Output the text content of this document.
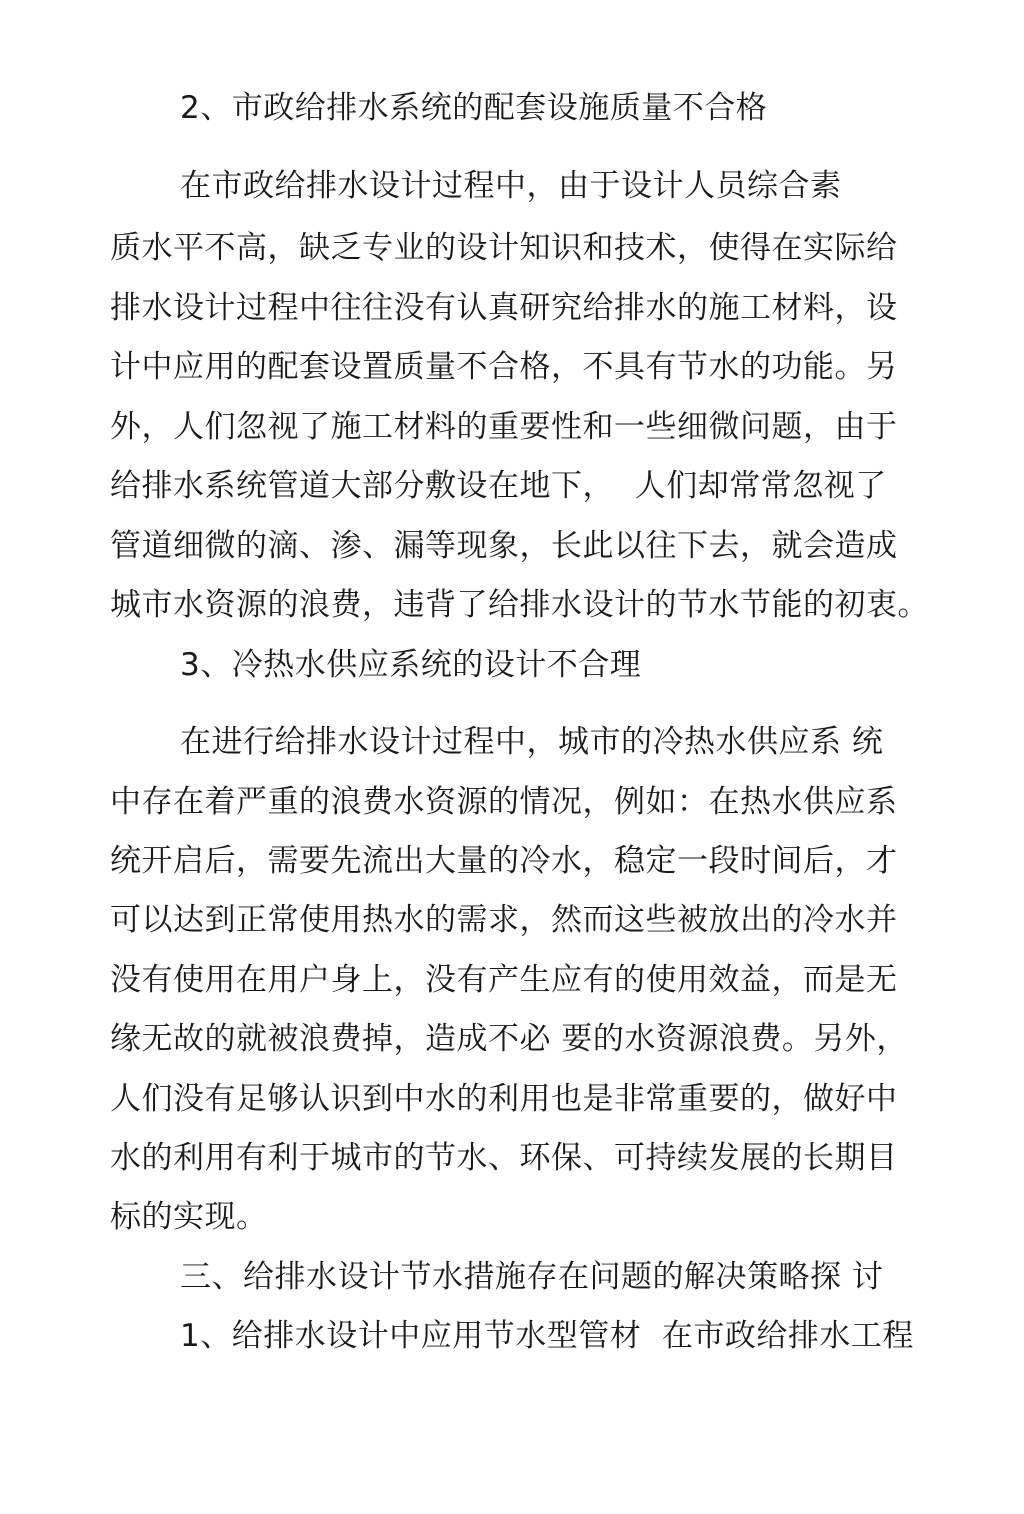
2、市政给排水系统的配套设施质量不合格
在市政给排水设计过程中，由于设计人员综合素
质水平不高，缺乏专业的设计知识和技术，使得在实际给
排水设计过程中往往没有认真研究给排水的施工材料，设
计中应用的配套设置质量不合格，不具有节水的功能。另
外，人们忽视了施工材料的重要性和一些细微问题，由于
给排水系统管道大部分敷设在地下，  人们却常常忽视了
管道细微的滴、渗、漏等现象，长此以往下去，就会造成
城市水资源的浪费，违背了给排水设计的节水节能的初衷。
3、冷热水供应系统的设计不合理
在进行给排水设计过程中，城市的冷热水供应系 统
中存在着严重的浪费水资源的情况，例如：在热水供应系
统开启后，需要先流出大量的冷水，稳定一段时间后，才
可以达到正常使用热水的需求，然而这些被放出的冷水并
没有使用在用户身上，没有产生应有的使用效益，而是无
缘无故的就被浪费掉，造成不必 要的水资源浪费。另外，
人们没有足够认识到中水的利用也是非常重要的，做好中
水的利用有利于城市的节水、环保、可持续发展的长期目
标的实现。
三、给排水设计节水措施存在问题的解决策略探 讨
1、给排水设计中应用节水型管材  在市政给排水工程
